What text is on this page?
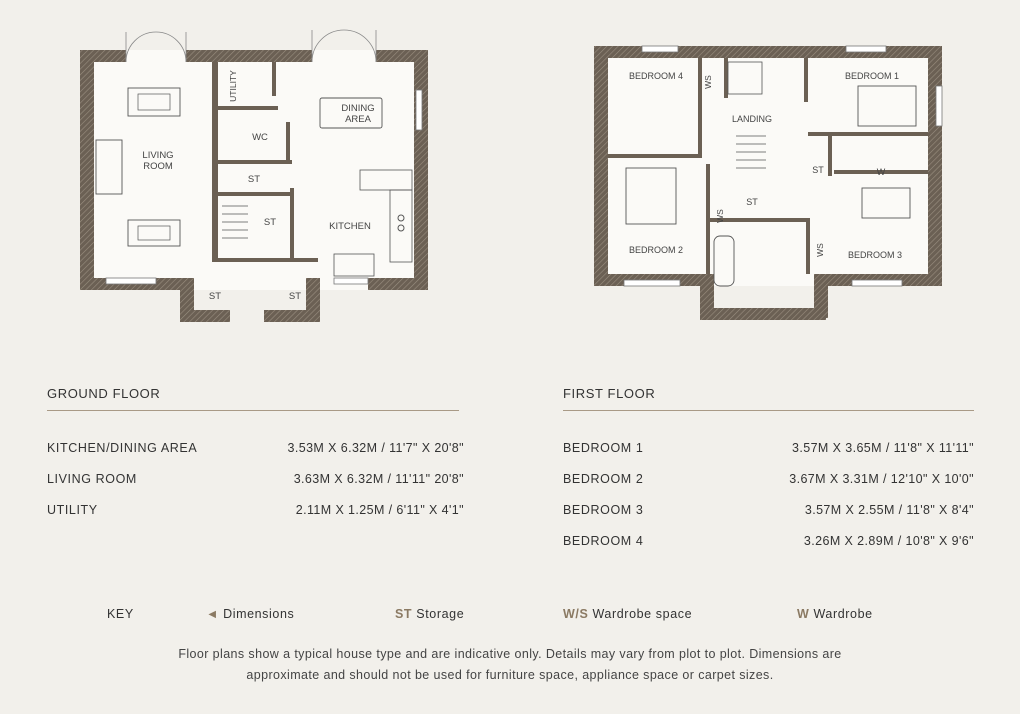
LIVING ROOM
UTILITY
WC
DINING AREA
ST
ST	KITCHEN
ST	ST
BEDROOM 4 WS	BEDROOM 1
LANDING
ST	W
BEDROOM 2
WS
ST
WS	BEDROOM 3
GROUND FLOOR
KITCHEN/DINING AREA	3.53M X 6.32M / 11'7" X 20'8"
LIVING ROOM	3.63M X 6.32M / 11'11" 20'8"
UTILITY	2.11M X 1.25M / 6'11" X 4'1"
FIRST FLOOR
BEDROOM 1	3.57M X 3.65M / 11'8" X 11'11"
BEDROOM 2	3.67M X 3.31M / 12'10" X 10'0"
BEDROOM 3	3.57M X 2.55M / 11'8" X 8'4"
BEDROOM 4	3.26M X 2.89M / 10'8" X 9'6"
KEY	◄ Dimensions	ST Storage	W/S Wardrobe space	W Wardrobe
Floor plans show a typical house type and are indicative only. Details may vary from plot to plot. Dimensions are
approximate and should not be used for furniture space, appliance space or carpet sizes.
